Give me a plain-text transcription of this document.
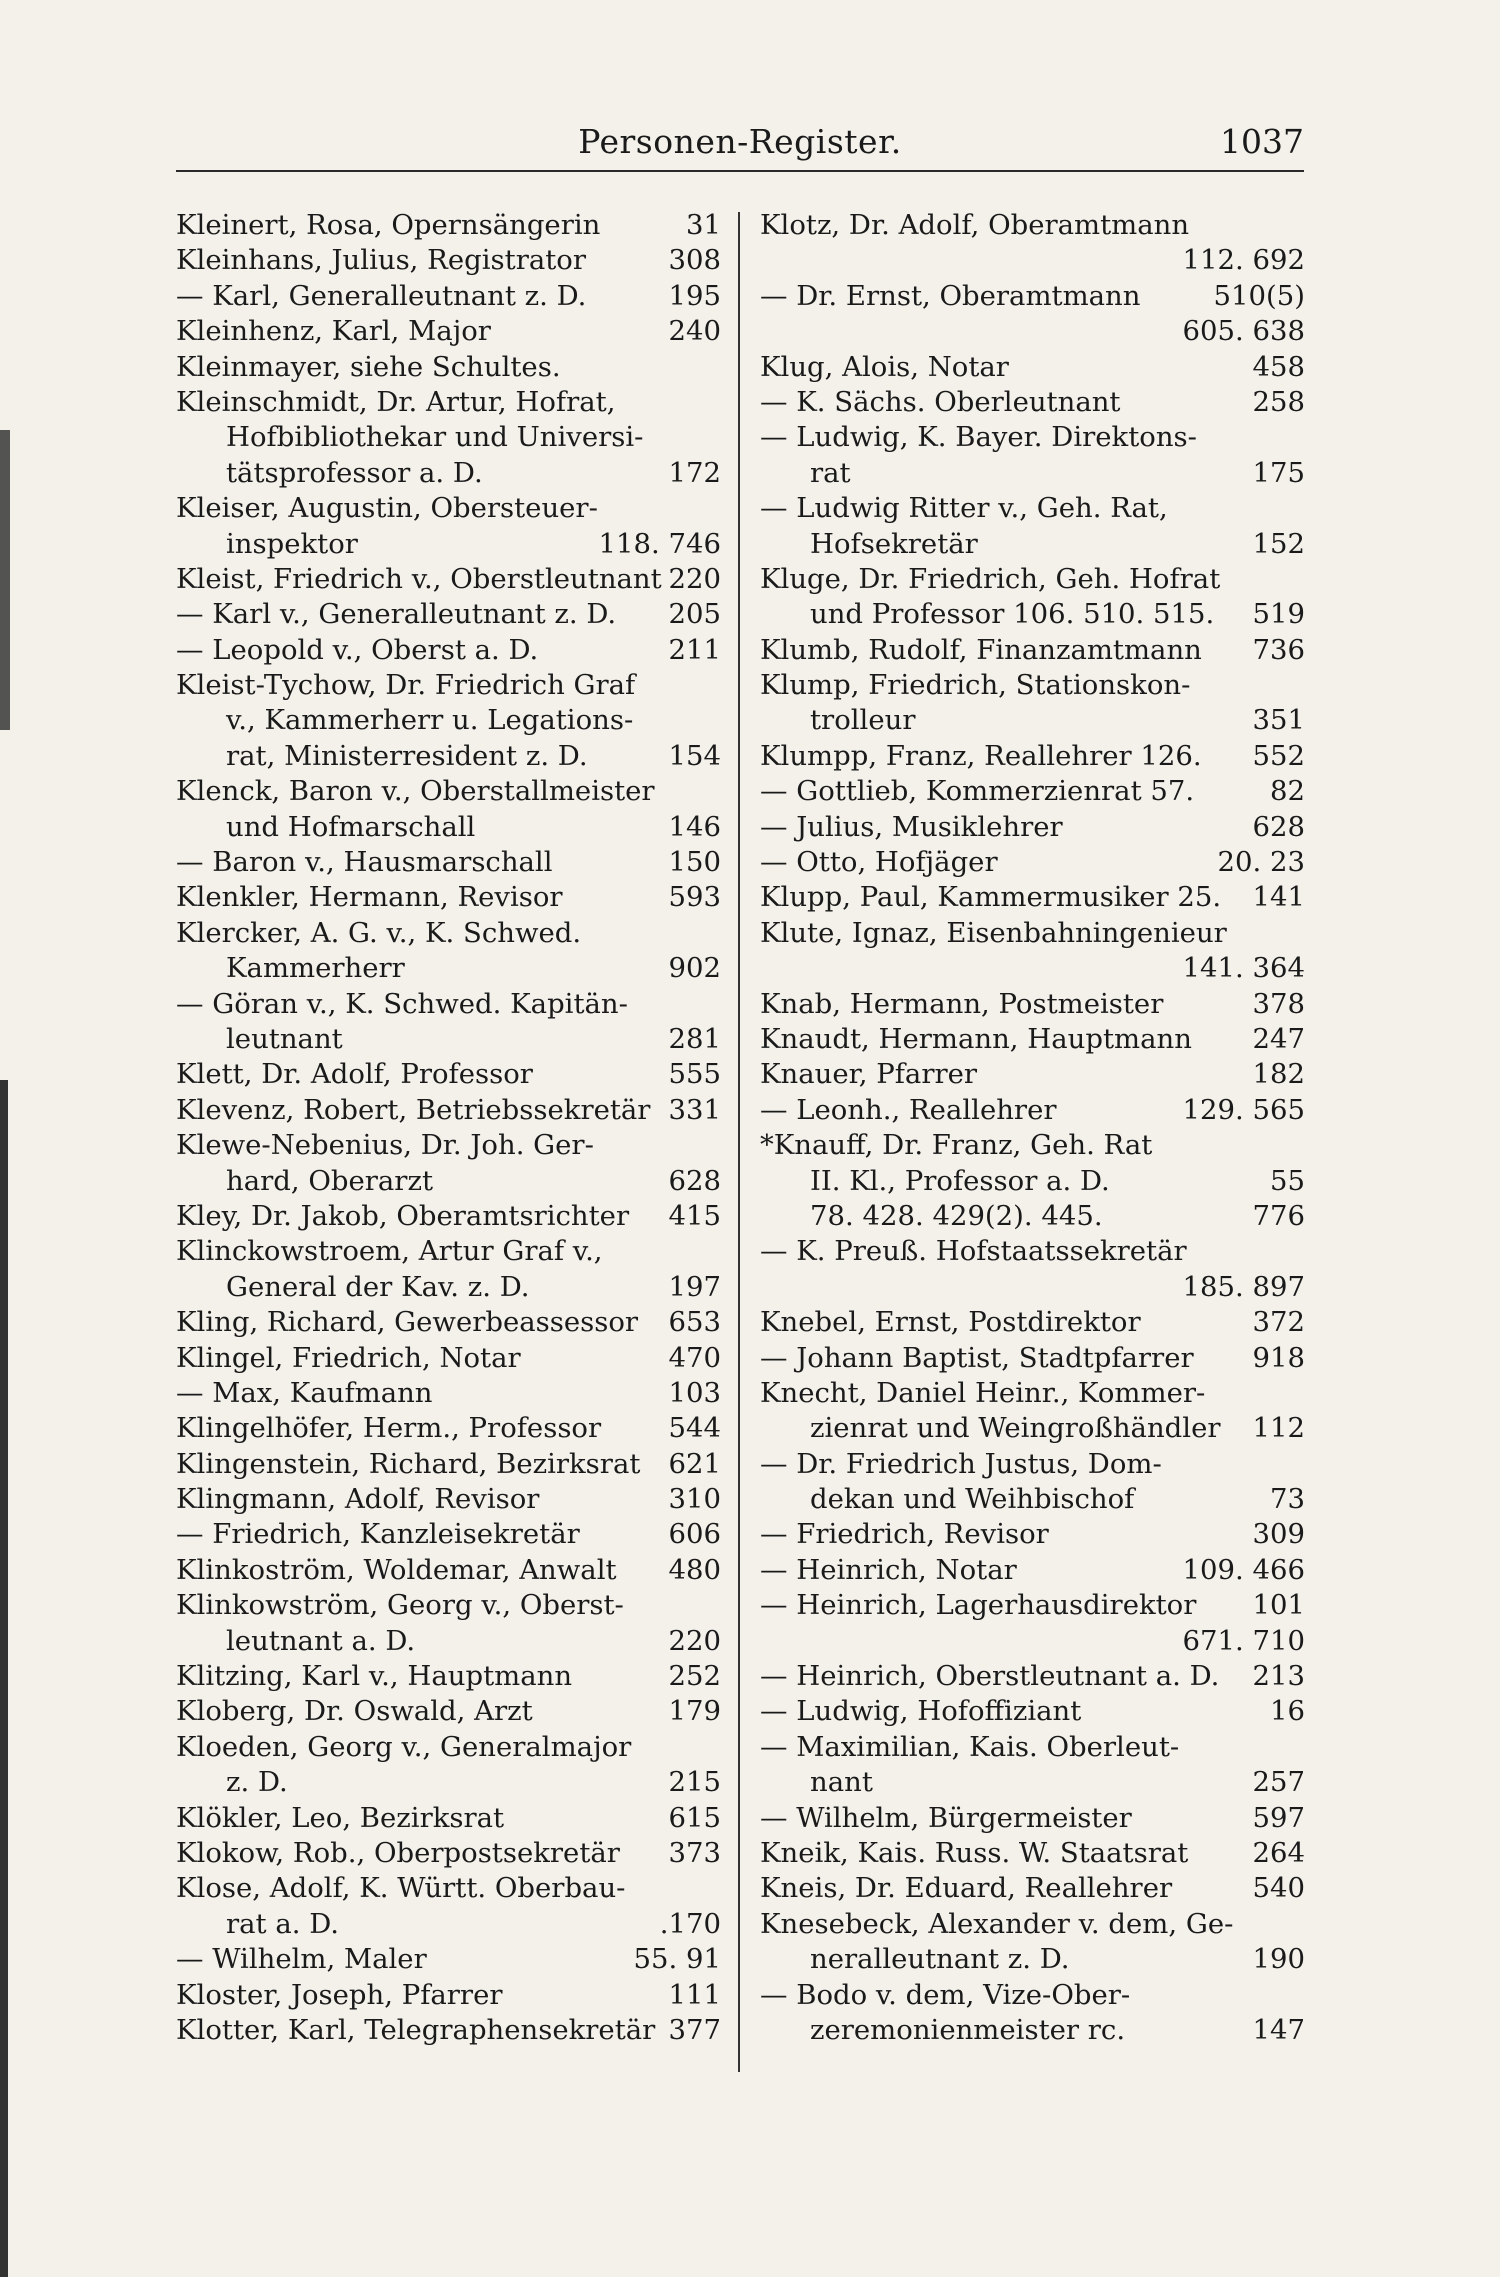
Personen-Register.	1037
Kleinert, Rosa, Opernsängerin	31
Kleinhans, Julius, Registrator	308
— Karl, Generalleutnant z. D.	195
Kleinhenz, Karl, Major	240
Kleinmayer, siehe Schultes.
Kleinschmidt, Dr. Artur, Hofrat,
Hofbibliothekar und Universi-
tätsprofessor a. D.	172
Kleiser, Augustin, Obersteuer-
inspektor	118. 746
Kleist, Friedrich v., Oberstleutnant 220
— Karl v., Generalleutnant z. D. 205
— Leopold v., Oberst a. D.	211
Kleist-Tychow, Dr. Friedrich Graf
v., Kammerherr u. Legations-
rat, Ministerresident z. D.	154
Klenck, Baron v., Oberstallmeister
und Hofmarschall	146
— Baron v., Hausmarschall	150
Klenkler, Hermann, Revisor	593
Klercker, A. G. v., K. Schwed.
Kammerherr	902
— Göran v., K. Schwed. Kapitän-
leutnant	281
Klett, Dr. Adolf, Professor	555
Klevenz, Robert, Betriebssekretär 331
Klewe-Nebenius, Dr. Joh. Ger-
hard, Oberarzt	628
Kley, Dr. Jakob, Oberamtsrichter 415
Klinckowstroem, Artur Graf v.,
General der Kav. z. D.	197
Kling, Richard, Gewerbeassessor 653
Klingel, Friedrich, Notar	470
— Max, Kaufmann	103
Klingelhöfer, Herm., Professor 544
Klingenstein, Richard, Bezirksrat 621
Klingmann, Adolf, Revisor	310
— Friedrich, Kanzleisekretär	606
Klinkoström, Woldemar, Anwalt 480
Klinkowström, Georg v., Oberst-
leutnant a. D.	220
Klitzing, Karl v., Hauptmann	252
Kloberg, Dr. Oswald, Arzt	179
Kloeden, Georg v., Generalmajor
z. D.	215
Klökler, Leo, Bezirksrat	615
Klokow, Rob., Oberpostsekretär 373
Klose, Adolf, K. Württ. Oberbau-
rat a. D.	.170
— Wilhelm, Maler	55. 91
Kloster, Joseph, Pfarrer	111
Klotter, Karl, Telegraphensekretär 377
Klotz, Dr. Adolf, Oberamtmann
112. 692
— Dr. Ernst, Oberamtmann	510(5)
605. 638
Klug, Alois, Notar	458
— K. Sächs. Oberleutnant	258
— Ludwig, K. Bayer. Direktons-
rat	175
— Ludwig Ritter v., Geh. Rat,
Hofsekretär	152
Kluge, Dr. Friedrich, Geh. Hofrat
und Professor 106. 510. 515. 519
Klumb, Rudolf, Finanzamtmann 736
Klump, Friedrich, Stationskon-
trolleur	351
Klumpp, Franz, Reallehrer 126. 552
— Gottlieb, Kommerzienrat 57.	82
— Julius, Musiklehrer	628
— Otto, Hofjäger	20. 23
Klupp, Paul, Kammermusiker 25. 141
Klute, Ignaz, Eisenbahningenieur
141. 364
Knab, Hermann, Postmeister	378
Knaudt, Hermann, Hauptmann 247
Knauer, Pfarrer	182
— Leonh., Reallehrer	129. 565
*Knauff, Dr. Franz, Geh. Rat
II. Kl., Professor a. D.	55
78. 428. 429(2). 445.	776
— K. Preuß. Hofstaatssekretär
185. 897
Knebel, Ernst, Postdirektor	372
— Johann Baptist, Stadtpfarrer 918
Knecht, Daniel Heinr., Kommer-
zienrat und Weingroßhändler 112
— Dr. Friedrich Justus, Dom-
dekan und Weihbischof	73
— Friedrich, Revisor	309
— Heinrich, Notar	109. 466
— Heinrich, Lagerhausdirektor 101
671. 710
— Heinrich, Oberstleutnant a. D. 213
— Ludwig, Hofoffiziant	16
— Maximilian, Kais. Oberleut-
nant	257
— Wilhelm, Bürgermeister	597
Kneik, Kais. Russ. W. Staatsrat 264
Kneis, Dr. Eduard, Reallehrer	540
Knesebeck, Alexander v. dem, Ge-
neralleutnant z. D.	190
— Bodo v. dem, Vize-Ober-
zeremonienmeister rc.	147
